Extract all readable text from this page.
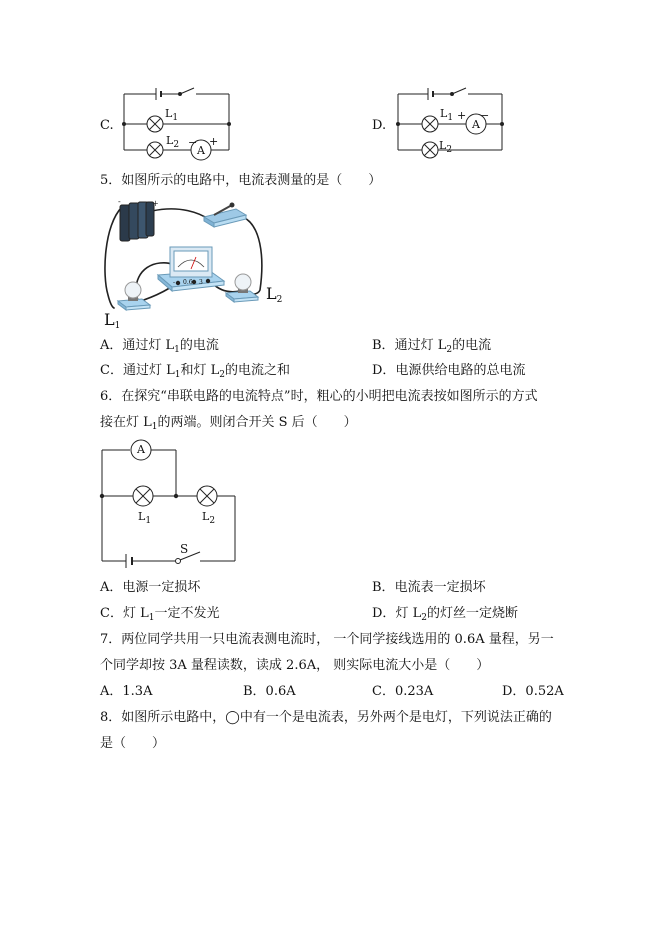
C.
$L_1$
$L_2$ − +
A
D.
$L_1$ + −
A
$L_2$
5．如图所示的电路中，电流表测量的是（　　）
-	+
$L_1$
$L_2$
- 0.6 3
A．通过灯 $L_1$的电流	B．通过灯 $L_2$的电流
C．通过灯 $L_1$和灯 $L_2$的电流之和	D．电源供给电路的总电流
6．在探究“串联电路的电流特点”时，粗心的小明把电流表按如图所示的方式
接在灯 $L_1$的两端。则闭合开关 S 后（　　）
A
$L_1$	$L_2$
S
A．电源一定损坏	B．电流表一定损坏
C．灯 $L_1$一定不发光	D．灯 $L_2$的灯丝一定烧断
7．两位同学共用一只电流表测电流时， 一个同学接线选用的 0.6A 量程，另一
个同学却按 3A 量程读数，读成 2.6A， 则实际电流大小是（　　）
A．1.3A	B．0.6A	C．0.23A	D．0.52A
8．如图所示电路中，◯中有一个是电流表，另外两个是电灯，下列说法正确的
是（　　）
